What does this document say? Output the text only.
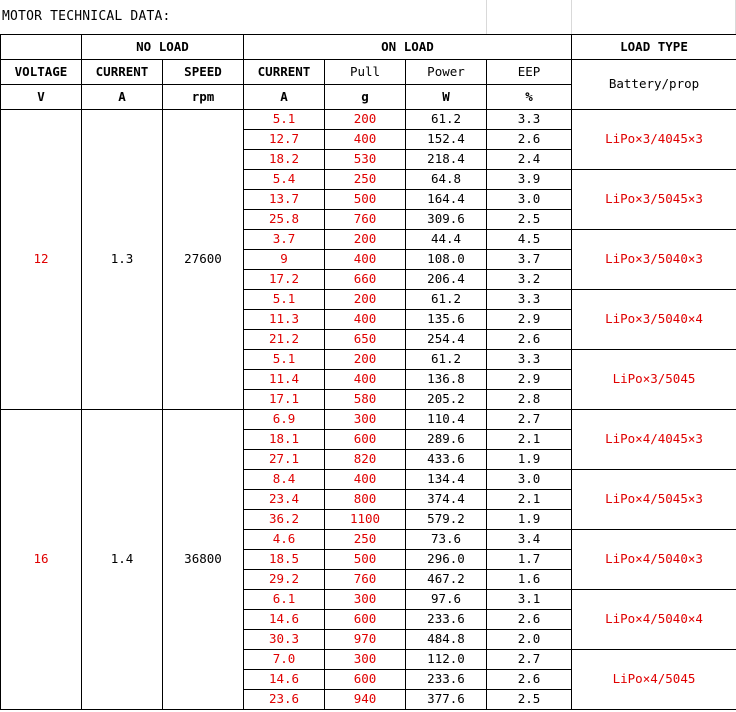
MOTOR TECHNICAL DATA:
	NO LOAD		ON LOAD				LOAD TYPE
VOLTAGE	CURRENT	SPEED	CURRENT	Pull	Power	EEP	Battery/prop
V	A	rpm	A	g	W	%	
12	1.3	27600	5.1	200	61.2	3.3	LiPo×3/4045×3
			12.7	400	152.4	2.6	
			18.2	530	218.4	2.4	
			5.4	250	64.8	3.9	LiPo×3/5045×3
			13.7	500	164.4	3.0	
			25.8	760	309.6	2.5	
			3.7	200	44.4	4.5	LiPo×3/5040×3
			9	400	108.0	3.7	
			17.2	660	206.4	3.2	
			5.1	200	61.2	3.3	LiPo×3/5040×4
			11.3	400	135.6	2.9	
			21.2	650	254.4	2.6	
			5.1	200	61.2	3.3	LiPo×3/5045
			11.4	400	136.8	2.9	
			17.1	580	205.2	2.8	
16	1.4	36800	6.9	300	110.4	2.7	LiPo×4/4045×3
			18.1	600	289.6	2.1	
			27.1	820	433.6	1.9	
			8.4	400	134.4	3.0	LiPo×4/5045×3
			23.4	800	374.4	2.1	
			36.2	1100	579.2	1.9	
			4.6	250	73.6	3.4	LiPo×4/5040×3
			18.5	500	296.0	1.7	
			29.2	760	467.2	1.6	
			6.1	300	97.6	3.1	LiPo×4/5040×4
			14.6	600	233.6	2.6	
			30.3	970	484.8	2.0	
			7.0	300	112.0	2.7	LiPo×4/5045
			14.6	600	233.6	2.6	
			23.6	940	377.6	2.5	
